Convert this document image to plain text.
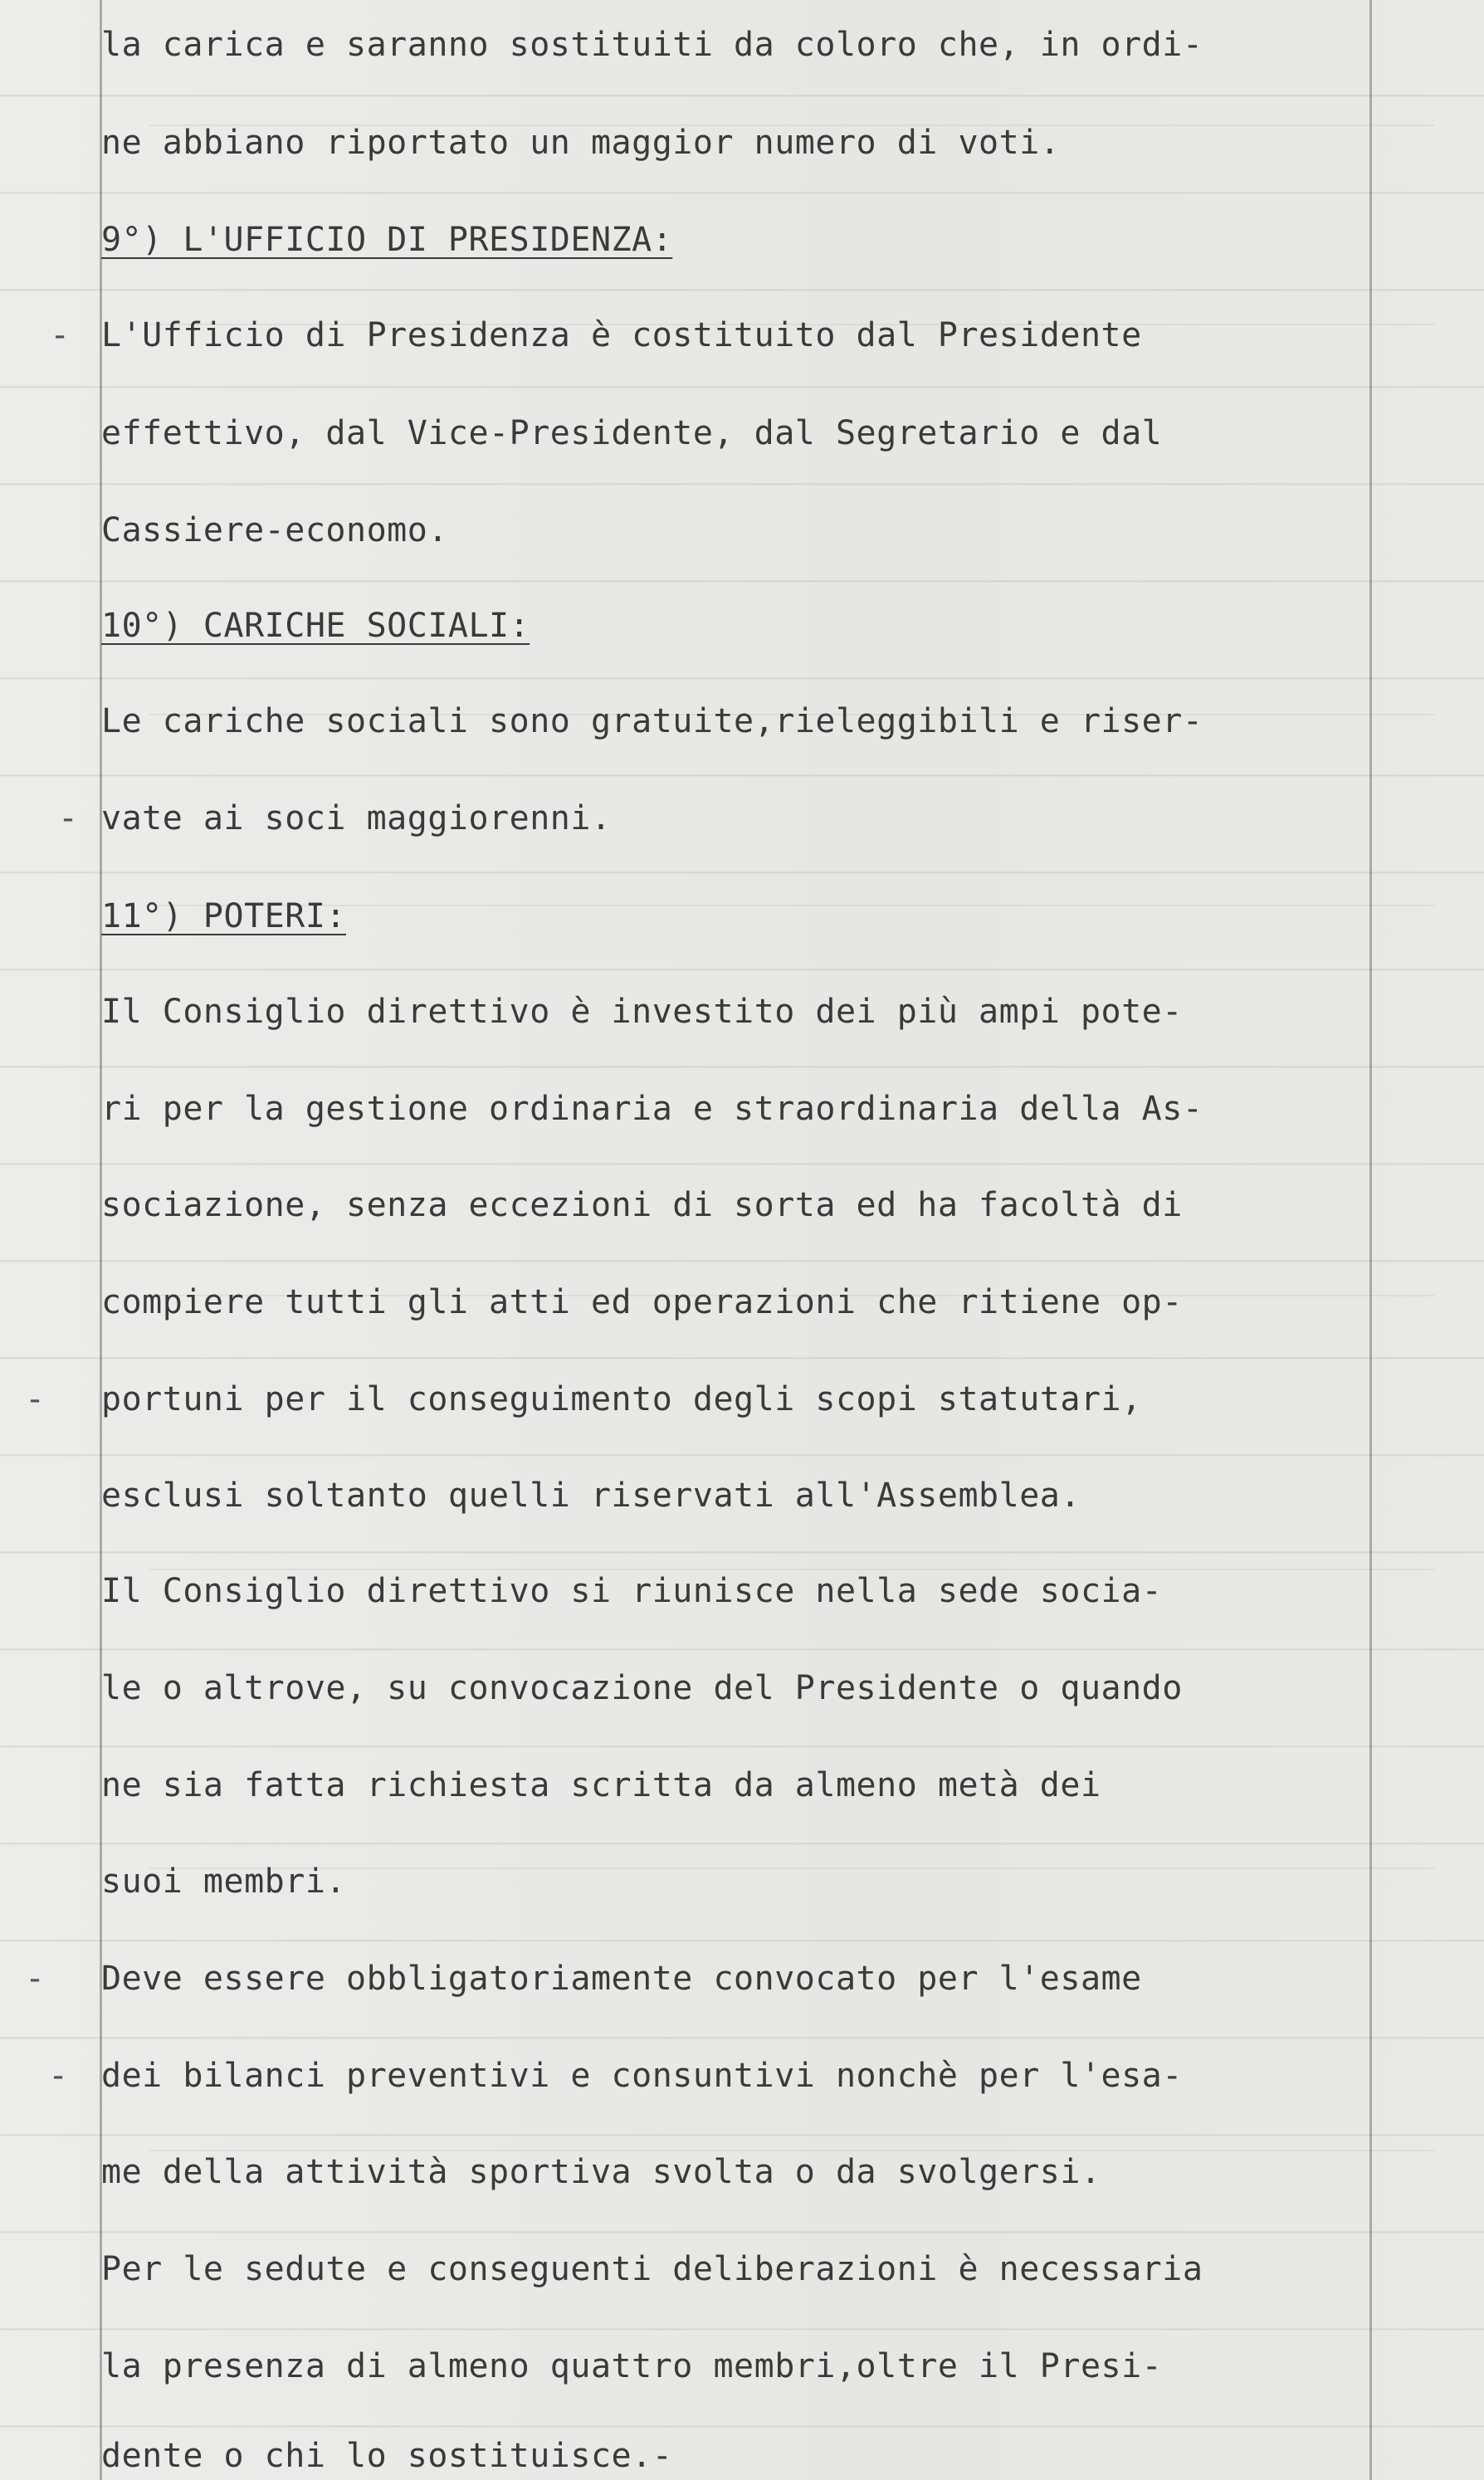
la carica e saranno sostituiti da coloro che, in ordi-
ne abbiano riportato un maggior numero di voti.
9°) L'UFFICIO DI PRESIDENZA:
L'Ufficio di Presidenza è costituito dal Presidente
effettivo, dal Vice-Presidente, dal Segretario e dal
Cassiere-economo.
10°) CARICHE SOCIALI:
Le cariche sociali sono gratuite,rieleggibili e riser-
vate ai soci maggiorenni.
11°) POTERI:
Il Consiglio direttivo è investito dei più ampi pote-
ri per la gestione ordinaria e straordinaria della As-
sociazione, senza eccezioni di sorta ed ha facoltà di
compiere tutti gli atti ed operazioni che ritiene op-
portuni per il conseguimento degli scopi statutari,
esclusi soltanto quelli riservati all'Assemblea.
Il Consiglio direttivo si riunisce nella sede socia-
le o altrove, su convocazione del Presidente o quando
ne sia fatta richiesta scritta da almeno metà dei
suoi membri.
Deve essere obbligatoriamente convocato per l'esame
dei bilanci preventivi e consuntivi nonchè per l'esa-
me della attività sportiva svolta o da svolgersi.
Per le sedute e conseguenti deliberazioni è necessaria
la presenza di almeno quattro membri,oltre il Presi-
dente o chi lo sostituisce.-
-
-
-
-
-
